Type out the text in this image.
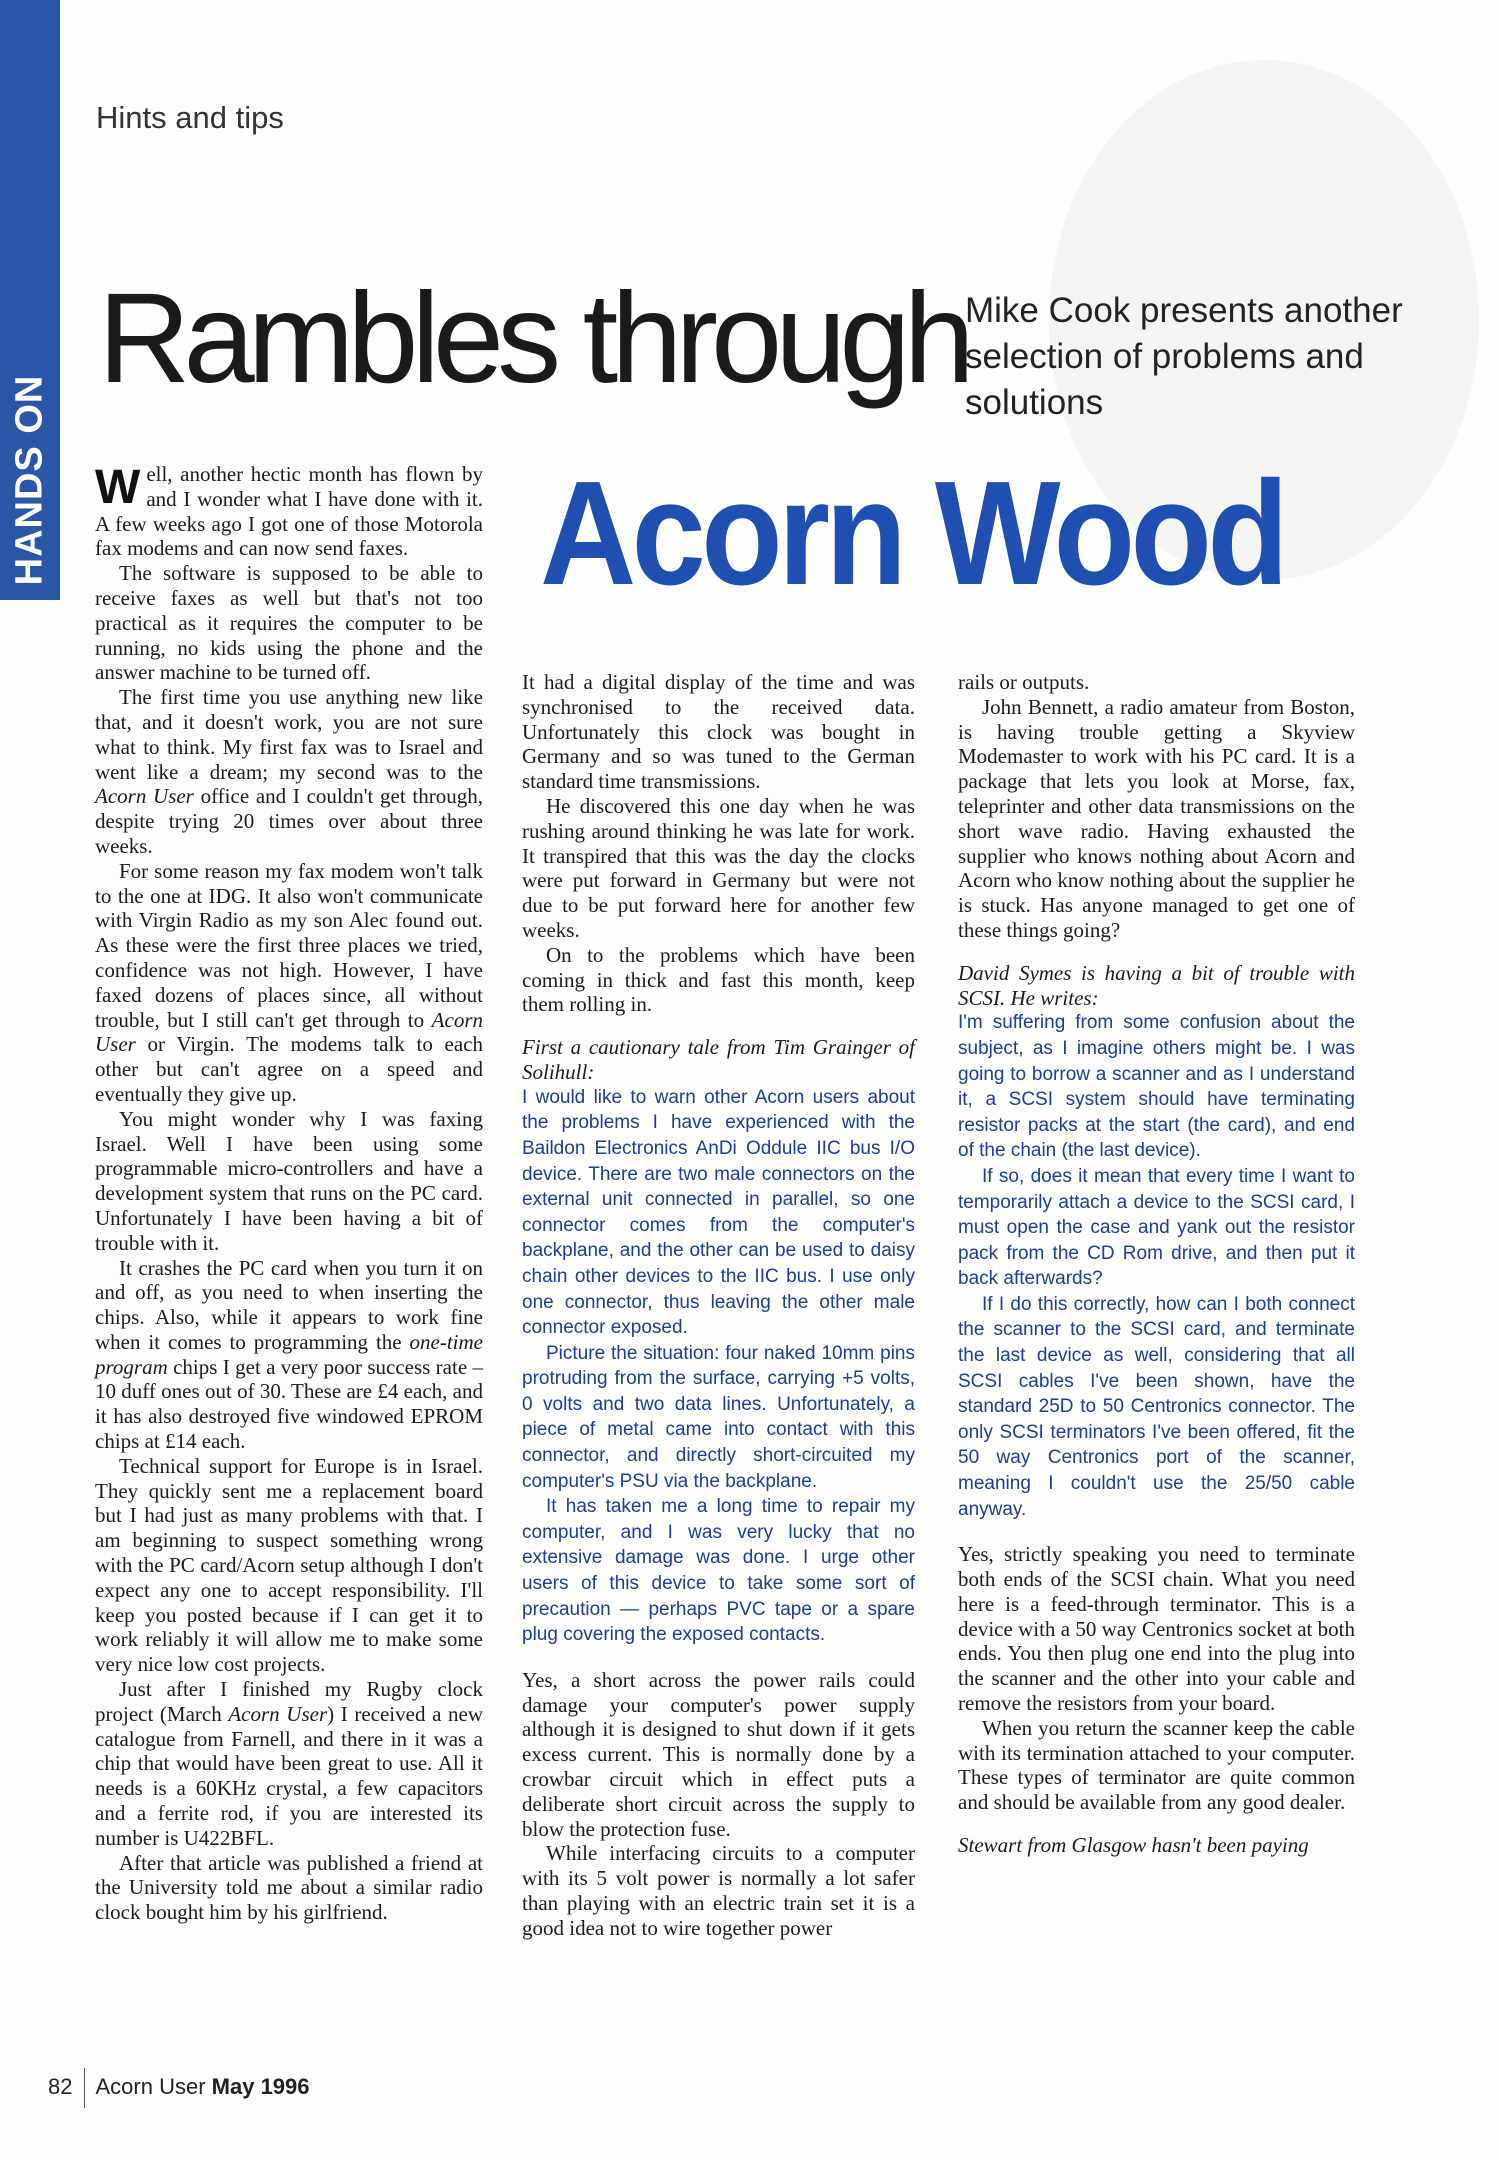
HANDS ON
Hints and tips
Rambles through
Acorn Wood
Mike Cook presents another selection of problems and solutions

Well, another hectic month has flown by and I wonder what I have done with it. A few weeks ago I got one of those Motorola fax modems and can now send faxes.

The software is supposed to be able to receive faxes as well but that's not too practical as it requires the computer to be running, no kids using the phone and the answer machine to be turned off.

The first time you use anything new like that, and it doesn't work, you are not sure what to think. My first fax was to Israel and went like a dream; my second was to the Acorn User office and I couldn't get through, despite trying 20 times over about three weeks.

For some reason my fax modem won't talk to the one at IDG. It also won't communicate with Virgin Radio as my son Alec found out. As these were the first three places we tried, confidence was not high. However, I have faxed dozens of places since, all without trouble, but I still can't get through to Acorn User or Virgin. The modems talk to each other but can't agree on a speed and eventually they give up.

You might wonder why I was faxing Israel. Well I have been using some programmable micro-controllers and have a development system that runs on the PC card. Unfortunately I have been having a bit of trouble with it.

It crashes the PC card when you turn it on and off, as you need to when inserting the chips. Also, while it appears to work fine when it comes to programming the one-time program chips I get a very poor success rate – 10 duff ones out of 30. These are £4 each, and it has also destroyed five windowed EPROM chips at £14 each.

Technical support for Europe is in Israel. They quickly sent me a replacement board but I had just as many problems with that. I am beginning to suspect something wrong with the PC card/Acorn setup although I don't expect any one to accept responsibility. I'll keep you posted because if I can get it to work reliably it will allow me to make some very nice low cost projects.

Just after I finished my Rugby clock project (March Acorn User) I received a new catalogue from Farnell, and there in it was a chip that would have been great to use. All it needs is a 60KHz crystal, a few capacitors and a ferrite rod, if you are interested its number is U422BFL.

After that article was published a friend at the University told me about a similar radio clock bought him by his girlfriend.

It had a digital display of the time and was synchronised to the received data. Unfortunately this clock was bought in Germany and so was tuned to the German standard time transmissions.

He discovered this one day when he was rushing around thinking he was late for work. It transpired that this was the day the clocks were put forward in Germany but were not due to be put forward here for another few weeks.

On to the problems which have been coming in thick and fast this month, keep them rolling in.

First a cautionary tale from Tim Grainger of Solihull:

I would like to warn other Acorn users about the problems I have experienced with the Baildon Electronics AnDi Oddule IIC bus I/O device. There are two male connectors on the external unit connected in parallel, so one connector comes from the computer's backplane, and the other can be used to daisy chain other devices to the IIC bus. I use only one connector, thus leaving the other male connector exposed.

Picture the situation: four naked 10mm pins protruding from the surface, carrying +5 volts, 0 volts and two data lines. Unfortunately, a piece of metal came into contact with this connector, and directly short-circuited my computer's PSU via the backplane.

It has taken me a long time to repair my computer, and I was very lucky that no extensive damage was done. I urge other users of this device to take some sort of precaution — perhaps PVC tape or a spare plug covering the exposed contacts.

Yes, a short across the power rails could damage your computer's power supply although it is designed to shut down if it gets excess current. This is normally done by a crowbar circuit which in effect puts a deliberate short circuit across the supply to blow the protection fuse.

While interfacing circuits to a computer with its 5 volt power is normally a lot safer than playing with an electric train set it is a good idea not to wire together power

rails or outputs.

John Bennett, a radio amateur from Boston, is having trouble getting a Skyview Modemaster to work with his PC card. It is a package that lets you look at Morse, fax, teleprinter and other data transmissions on the short wave radio. Having exhausted the supplier who knows nothing about Acorn and Acorn who know nothing about the supplier he is stuck. Has anyone managed to get one of these things going?

David Symes is having a bit of trouble with SCSI. He writes:

I'm suffering from some confusion about the subject, as I imagine others might be. I was going to borrow a scanner and as I understand it, a SCSI system should have terminating resistor packs at the start (the card), and end of the chain (the last device).

If so, does it mean that every time I want to temporarily attach a device to the SCSI card, I must open the case and yank out the resistor pack from the CD Rom drive, and then put it back afterwards?

If I do this correctly, how can I both connect the scanner to the SCSI card, and terminate the last device as well, considering that all SCSI cables I've been shown, have the standard 25D to 50 Centronics connector. The only SCSI terminators I've been offered, fit the 50 way Centronics port of the scanner, meaning I couldn't use the 25/50 cable anyway.

Yes, strictly speaking you need to terminate both ends of the SCSI chain. What you need here is a feed-through terminator. This is a device with a 50 way Centronics socket at both ends. You then plug one end into the plug into the scanner and the other into your cable and remove the resistors from your board.

When you return the scanner keep the cable with its termination attached to your computer. These types of terminator are quite common and should be available from any good dealer.

Stewart from Glasgow hasn't been paying

82 Acorn User May 1996
